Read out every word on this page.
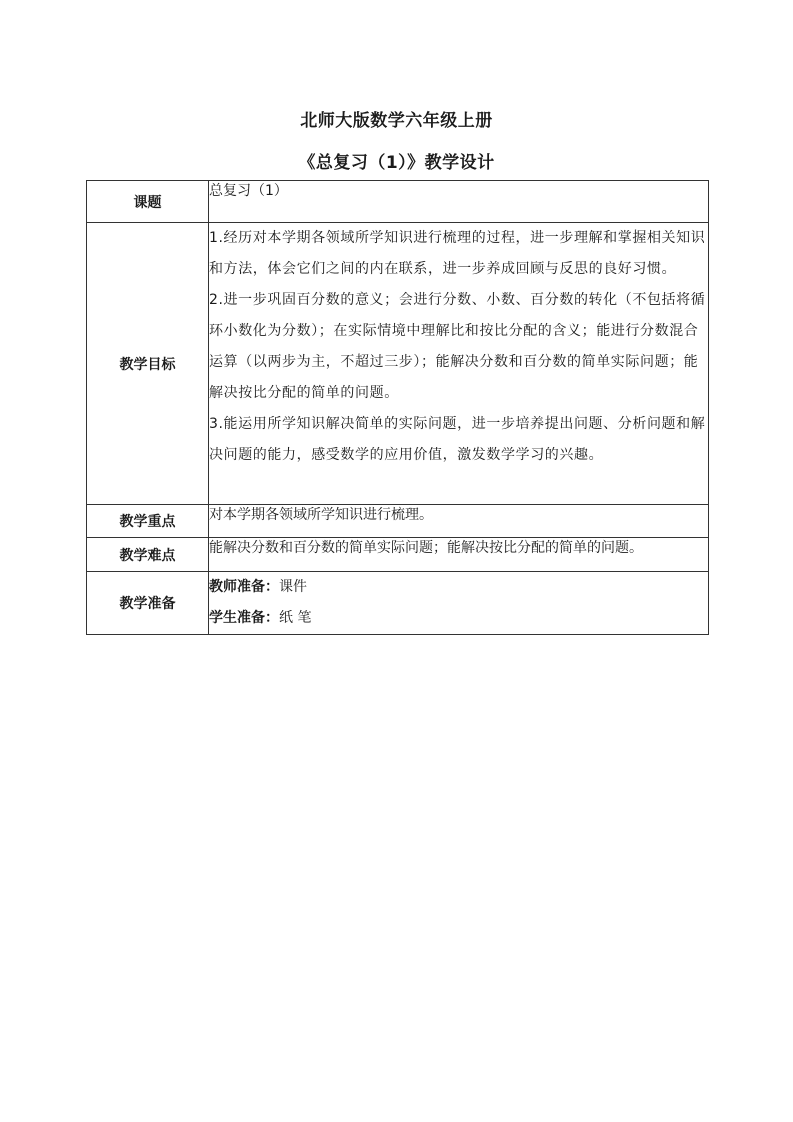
北师大版数学六年级上册
《总复习（1）》教学设计
课题	总复习（1）
教学目标	1.经历对本学期各领域所学知识进行梳理的过程，进一步理解和掌握相关知识和方法，体会它们之间的内在联系，进一步养成回顾与反思的良好习惯。

2.进一步巩固百分数的意义；会进行分数、小数、百分数的转化（不包括将循环小数化为分数）；在实际情境中理解比和按比分配的含义；能进行分数混合运算（以两步为主，不超过三步）；能解决分数和百分数的简单实际问题；能解决按比分配的简单的问题。

3.能运用所学知识解决简单的实际问题，进一步培养提出问题、分析问题和解决问题的能力，感受数学的应用价值，激发数学学习的兴趣。

教学重点	对本学期各领域所学知识进行梳理。
教学难点	能解决分数和百分数的简单实际问题；能解决按比分配的简单的问题。
教学准备	教师准备：课件
学生准备：纸 笔
